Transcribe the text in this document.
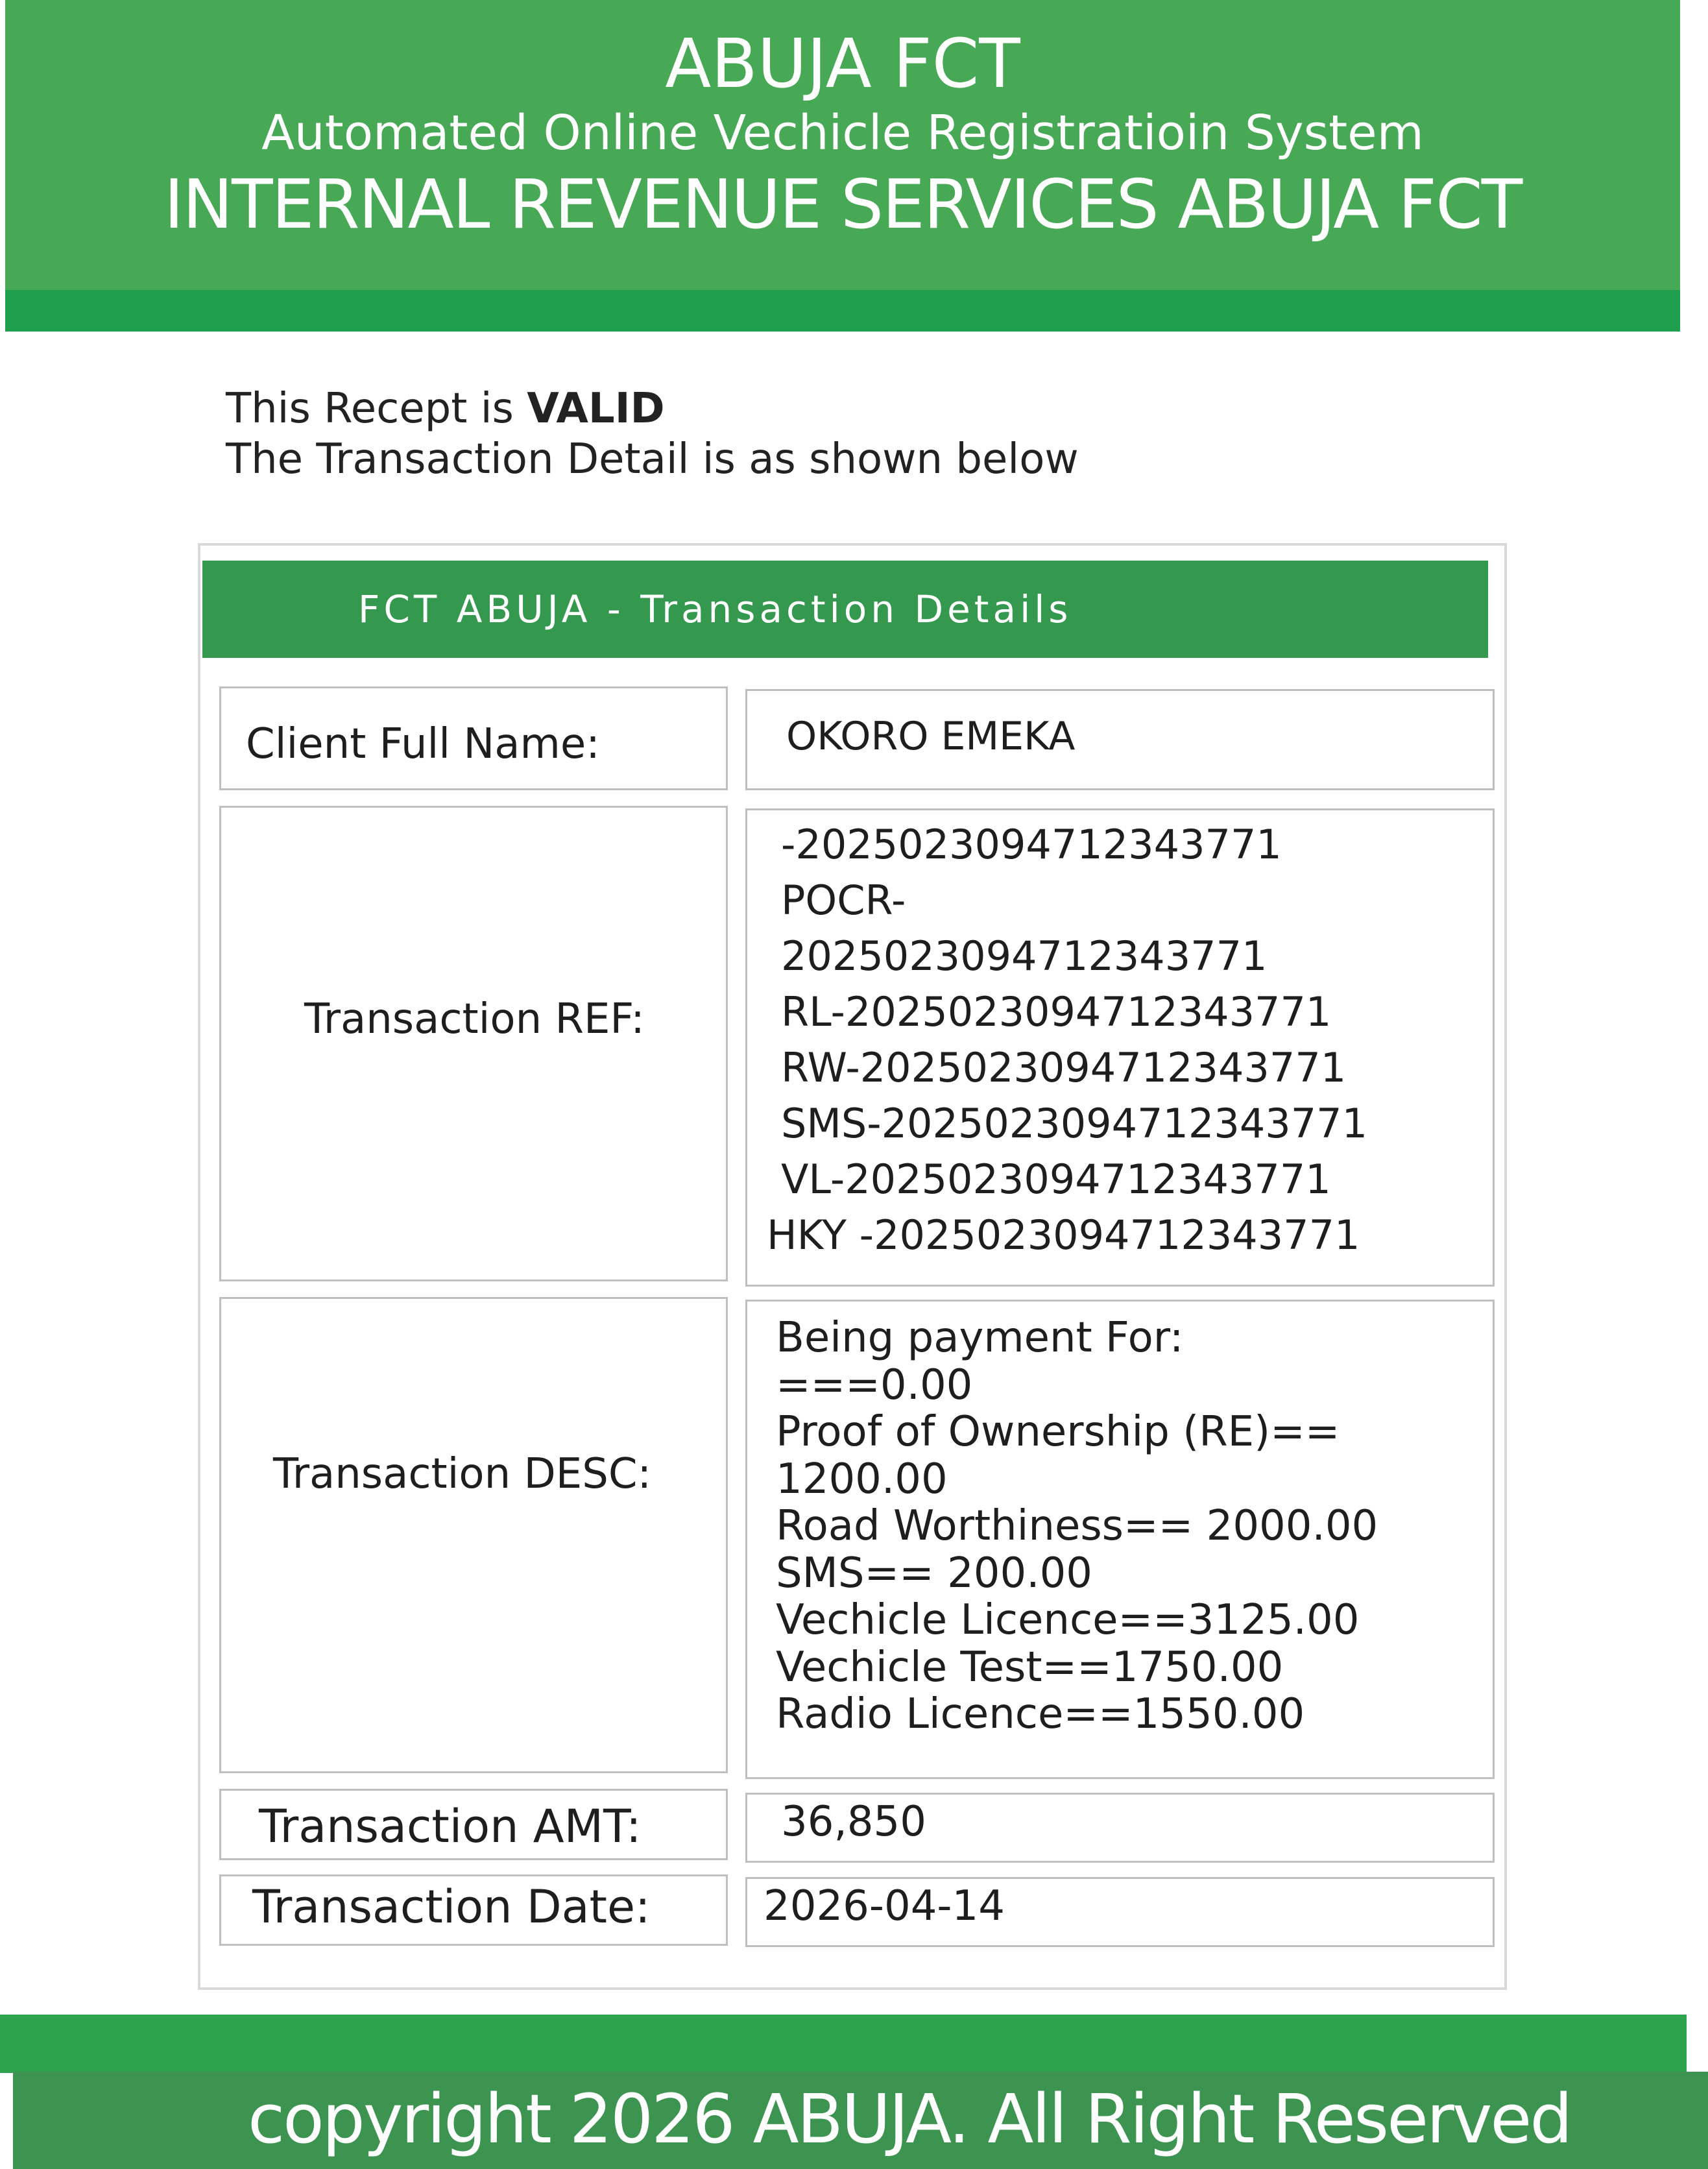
ABUJA FCT
Automated Online Vechicle Registratioin System
INTERNAL REVENUE SERVICES ABUJA FCT
This Recept is VALID
The Transaction Detail is as shown below
FCT ABUJA - Transaction Details
Client Full Name:	OKORO EMEKA
Transaction REF:
-2025023094712343771
POCR-
2025023094712343771
RL-2025023094712343771
RW-2025023094712343771
SMS-2025023094712343771
VL-2025023094712343771
HKY -2025023094712343771
Transaction DESC:
Being payment For:
===0.00
Proof of Ownership (RE)==
1200.00
Road Worthiness== 2000.00
SMS== 200.00
Vechicle Licence==3125.00
Vechicle Test==1750.00
Radio Licence==1550.00
Transaction AMT:	36,850
Transaction Date:	2026-04-14
copyright 2026 ABUJA. All Right Reserved
